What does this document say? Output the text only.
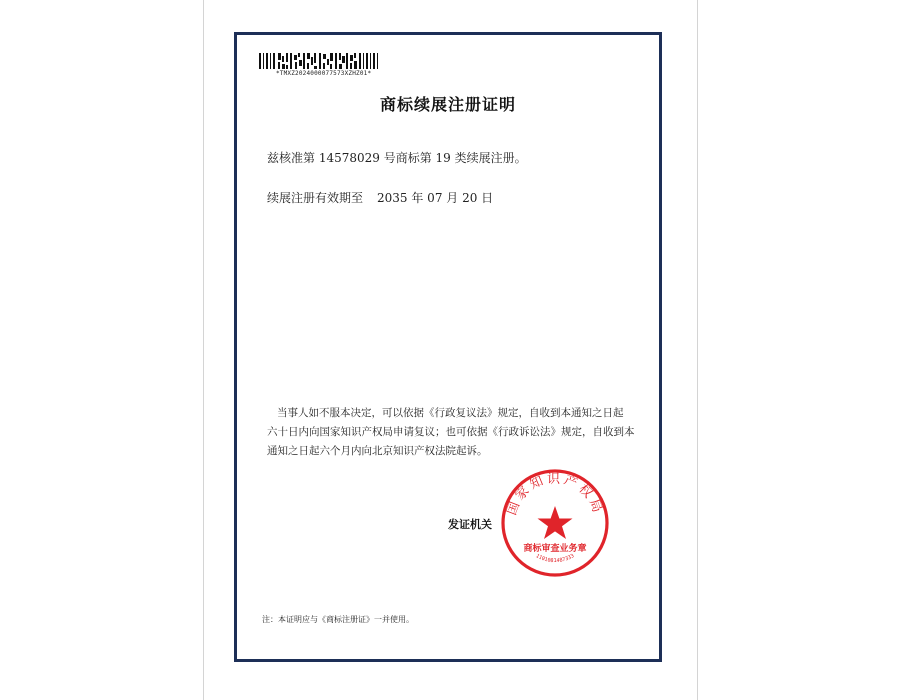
*TMXZ2024000077573XZHZ01*
商标续展注册证明
兹核准第 14578029 号商标第 19 类续展注册。
续展注册有效期至 2035 年 07 月 20 日

当事人如不服本决定，可以依据《行政复议法》规定，自收到本通知之日起

六十日内向国家知识产权局申请复议；也可依据《行政诉讼法》规定，自收到本

通知之日起六个月内向北京知识产权法院起诉。

发证机关
国家知识产权局
商标审查业务章
1101081487333
注：本证明应与《商标注册证》一并使用。
